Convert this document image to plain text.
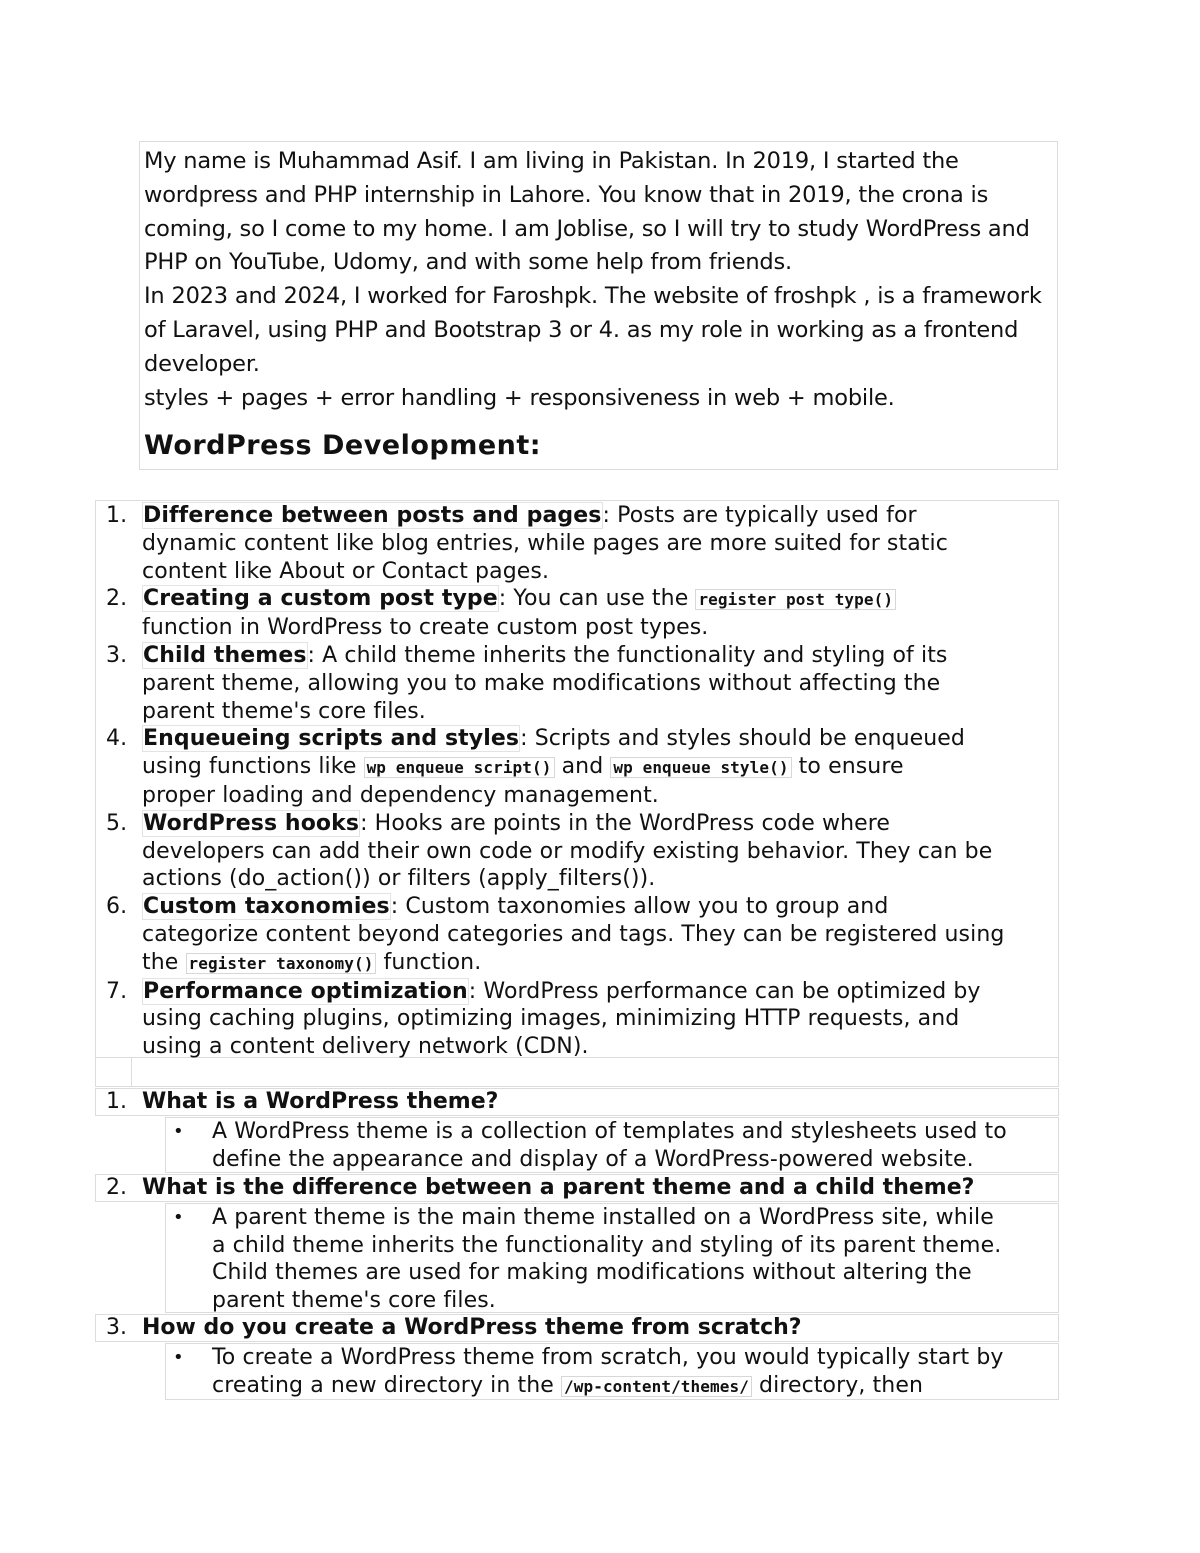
My name is Muhammad Asif. I am living in Pakistan. In 2019, I started the

wordpress and PHP internship in Lahore. You know that in 2019, the crona is

coming, so I come to my home. I am Joblise, so I will try to study WordPress and

PHP on YouTube, Udomy, and with some help from friends.

In 2023 and 2024, I worked for Faroshpk. The website of froshpk , is a framework

of Laravel, using PHP and Bootstrap 3 or 4. as my role in working as a frontend

developer.

styles + pages + error handling + responsiveness in web + mobile.

WordPress Development:
1. Difference between posts and pages: Posts are typically used for
dynamic content like blog entries, while pages are more suited for static
content like About or Contact pages.
2. Creating a custom post type: You can use the register post type()
function in WordPress to create custom post types.
3. Child themes: A child theme inherits the functionality and styling of its
parent theme, allowing you to make modifications without affecting the
parent theme's core files.
4. Enqueueing scripts and styles: Scripts and styles should be enqueued
using functions like wp enqueue script() and wp enqueue style() to ensure
proper loading and dependency management.
5. WordPress hooks: Hooks are points in the WordPress code where
developers can add their own code or modify existing behavior. They can be
actions (do_action()) or filters (apply_filters()).
6. Custom taxonomies: Custom taxonomies allow you to group and
categorize content beyond categories and tags. They can be registered using
the register taxonomy() function.
7. Performance optimization: WordPress performance can be optimized by
using caching plugins, optimizing images, minimizing HTTP requests, and
using a content delivery network (CDN).
1. What is a WordPress theme?
• A WordPress theme is a collection of templates and stylesheets used to
define the appearance and display of a WordPress-powered website.
2. What is the difference between a parent theme and a child theme?
• A parent theme is the main theme installed on a WordPress site, while
a child theme inherits the functionality and styling of its parent theme.
Child themes are used for making modifications without altering the
parent theme's core files.
3. How do you create a WordPress theme from scratch?
• To create a WordPress theme from scratch, you would typically start by
creating a new directory in the /wp-content/themes/ directory, then
